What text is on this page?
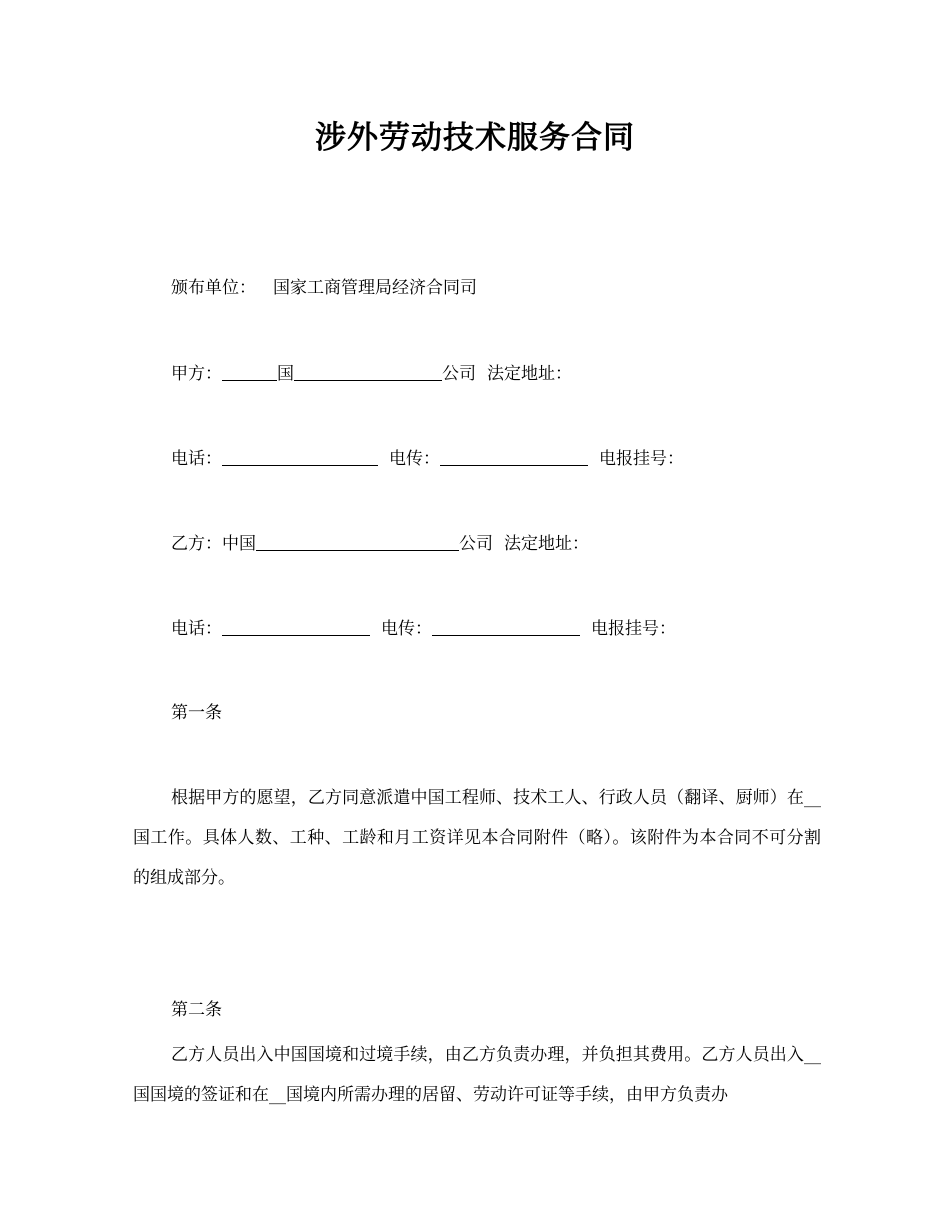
涉外劳动技术服务合同
颁布单位： 国家工商管理局经济合同司
甲方：	国	公司 法定地址：
电话：	电传：	电报挂号：
乙方：中国	公司 法定地址：
电话：	电传：	电报挂号：
第一条
根据甲方的愿望，乙方同意派遣中国工程师、技术工人、行政人员（翻译、厨师）在__国工作。具体人数、工种、工龄和月工资详见本合同附件（略）。该附件为本合同不可分割的组成部分。
第二条
乙方人员出入中国国境和过境手续，由乙方负责办理，并负担其费用。乙方人员出入__国国境的签证和在__国境内所需办理的居留、劳动许可证等手续，由甲方负责办
